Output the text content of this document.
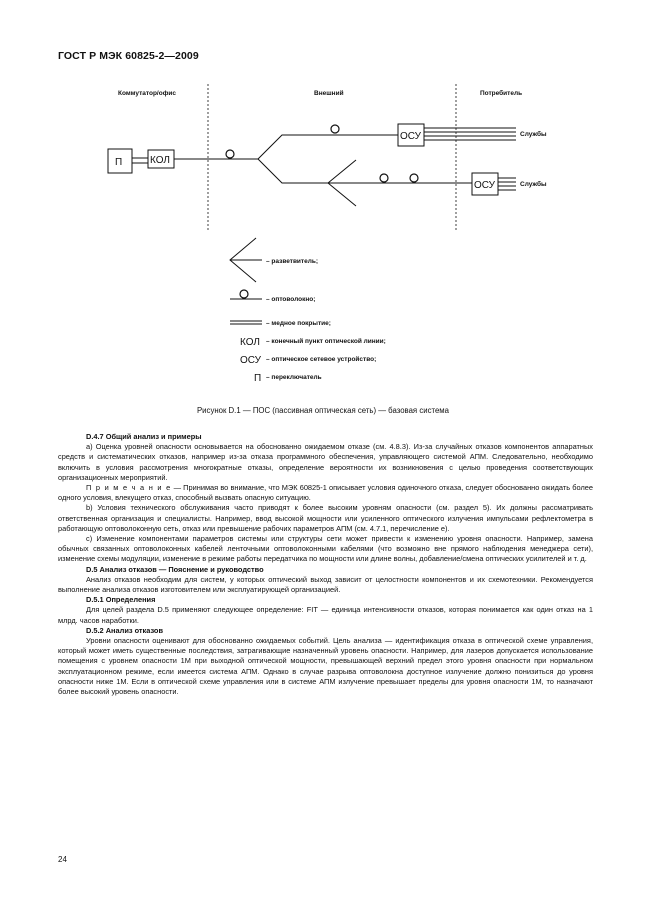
ГОСТ Р МЭК 60825-2—2009
Коммутатор/офис	Внешний	Потребитель
П	КОЛ
ОСУ	Службы
ОСУ	Службы
– разветвитель;
– оптоволокно;
– медное покрытие;
КОЛ – конечный пункт оптической линии;
ОСУ – оптическое сетевое устройство;
П – переключатель
Рисунок D.1 — ПОС (пассивная оптическая сеть) — базовая система

D.4.7 Общий анализ и примеры

а) Оценка уровней опасности основывается на обоснованно ожидаемом отказе (см. 4.8.3). Из-за случайных отказов компонентов аппаратных средств и систематических отказов, например из-за отказа программного обеспечения, управляющего системой АПМ. Следовательно, необходимо включить в условия рассмотрения многократные отказы, определение вероятности их возникновения с целью проведения соответствующих организационных мероприятий.

П р и м е ч а н и е — Принимая во внимание, что МЭК 60825-1 описывает условия одиночного отказа, следует обоснованно ожидать более одного условия, влекущего отказ, способный вызвать опасную ситуацию.

b) Условия технического обслуживания часто приводят к более высоким уровням опасности (см. раздел 5). Их должны рассматривать ответственная организация и специалисты. Например, ввод высокой мощности или усиленного оптического излучения импульсами рефлектометра в работающую оптоволоконную сеть, отказ или превышение рабочих параметров АПМ (см. 4.7.1, перечисление е).

c) Изменение компонентами параметров системы или структуры сети может привести к изменению уровня опасности. Например, замена обычных связанных оптоволоконных кабелей ленточными оптоволоконными кабелями (что возможно вне прямого наблюдения менеджера сети), изменение схемы модуляции, изменение в режиме работы передатчика по мощности или длине волны, добавление/смена оптических усилителей и т. д.

D.5 Анализ отказов — Пояснение и руководство

Анализ отказов необходим для систем, у которых оптический выход зависит от целостности компонентов и их схемотехники. Рекомендуется выполнение анализа отказов изготовителем или эксплуатирующей организацией.

D.5.1 Определения

Для целей раздела D.5 применяют следующее определение: FIT — единица интенсивности отказов, которая понимается как один отказ на 1 млрд. часов наработки.

D.5.2 Анализ отказов

Уровни опасности оценивают для обоснованно ожидаемых событий. Цель анализа — идентификация отказа в оптической схеме управления, который может иметь существенные последствия, затрагивающие назначенный уровень опасности. Например, для лазеров допускается использование помещения с уровнем опасности 1М при выходной оптической мощности, превышающей верхний предел этого уровня опасности при нормальном эксплуатационном режиме, если имеется система АПМ. Однако в случае разрыва оптоволокна доступное излучение должно понизиться до уровня опасности ниже 1М. Если в оптической схеме управления или в системе АПМ излучение превышает пределы для уровня опасности 1М, то назначают более высокий уровень опасности.

24
